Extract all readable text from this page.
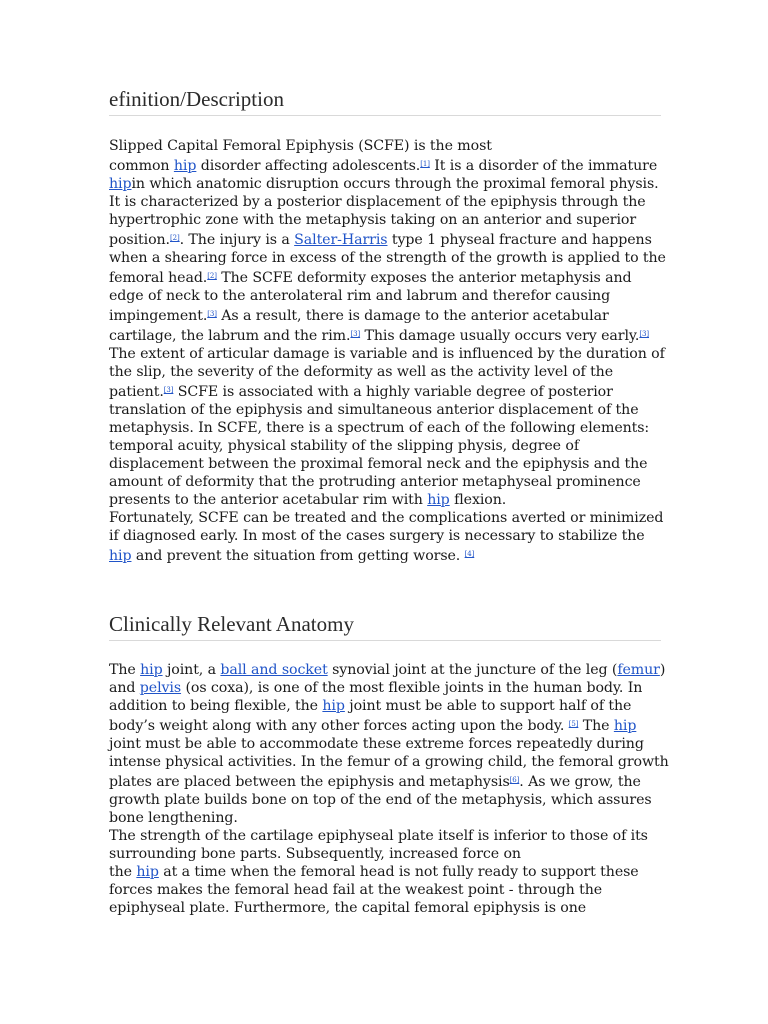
efinition/Description

Slipped Capital Femoral Epiphysis (SCFE) is the most
common hip disorder affecting adolescents.[1] It is a disorder of the immature hipin which anatomic disruption occurs through the proximal femoral physis. It is characterized by a posterior displacement of the epiphysis through the hypertrophic zone with the metaphysis taking on an anterior and superior position.[2]. The injury is a Salter-Harris type 1 physeal fracture and happens when a shearing force in excess of the strength of the growth is applied to the femoral head.[2] The SCFE deformity exposes the anterior metaphysis and edge of neck to the anterolateral rim and labrum and therefor causing impingement.[3] As a result, there is damage to the anterior acetabular cartilage, the labrum and the rim.[3] This damage usually occurs very early.[3] The extent of articular damage is variable and is influenced by the duration of the slip, the severity of the deformity as well as the activity level of the patient.[3] SCFE is associated with a highly variable degree of posterior translation of the epiphysis and simultaneous anterior displacement of the metaphysis. In SCFE, there is a spectrum of each of the following elements: temporal acuity, physical stability of the slipping physis, degree of displacement between the proximal femoral neck and the epiphysis and the amount of deformity that the protruding anterior metaphyseal prominence presents to the anterior acetabular rim with hip flexion.
Fortunately, SCFE can be treated and the complications averted or minimized if diagnosed early. In most of the cases surgery is necessary to stabilize the hip and prevent the situation from getting worse. [4]

Clinically Relevant Anatomy

The hip joint, a ball and socket synovial joint at the juncture of the leg (femur) and pelvis (os coxa), is one of the most flexible joints in the human body. In addition to being flexible, the hip joint must be able to support half of the body’s weight along with any other forces acting upon the body. [5] The hip joint must be able to accommodate these extreme forces repeatedly during intense physical activities. In the femur of a growing child, the femoral growth plates are placed between the epiphysis and metaphysis[6]. As we grow, the growth plate builds bone on top of the end of the metaphysis, which assures bone lengthening.
The strength of the cartilage epiphyseal plate itself is inferior to those of its surrounding bone parts. Subsequently, increased force on
the hip at a time when the femoral head is not fully ready to support these forces makes the femoral head fail at the weakest point - through the epiphyseal plate. Furthermore, the capital femoral epiphysis is one
